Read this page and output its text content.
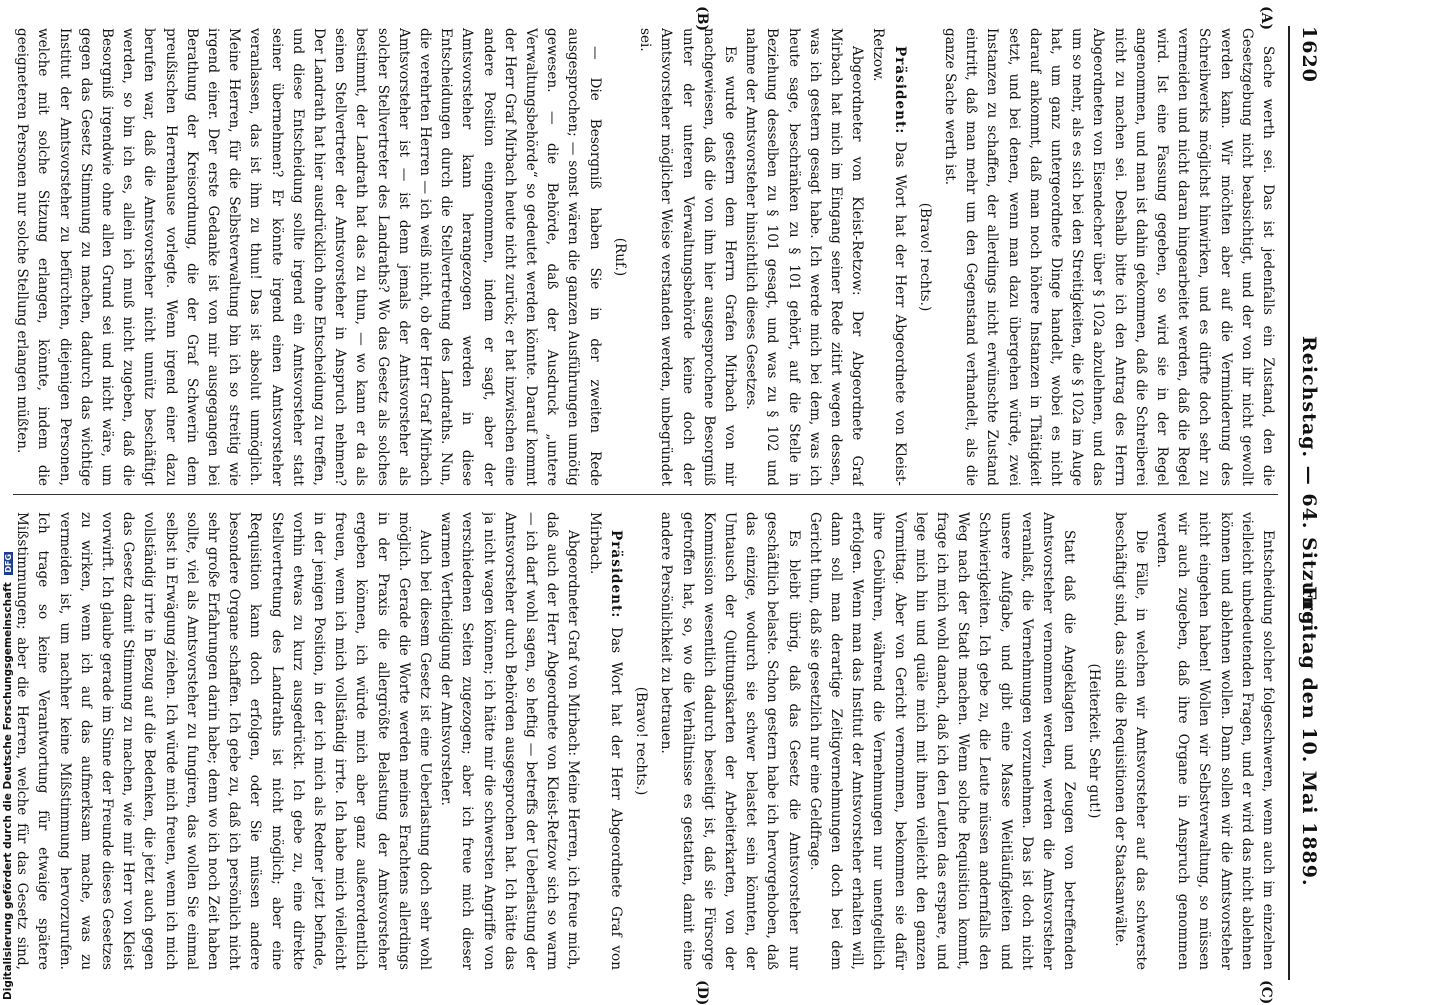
1620
Reichstag. — 64. Sitzung.
Freitag den 10. Mai 1889.
(A)
(B)
(C)
(D)

Sache werth sei. Das ist jedenfalls ein Zustand, den die Gesetzgebung nicht beabsichtigt, und der von ihr nicht gewollt werden kann. Wir möchten aber auf die Verminderung des Schreibwerks möglichst hinwirken, und es dürfte doch sehr zu vermeiden und nicht daran hingearbeitet werden, daß die Regel wird. Ist eine Fassung gegeben, so wird sie in der Regel angenommen, und man ist dahin gekommen, daß die Schreiberei nicht zu machen sei. Deshalb bitte ich den Antrag des Herrn Abgeordneten von Eisendecher über § 102a abzulehnen, und das um so mehr, als es sich bei den Streitigkeiten, die § 102a im Auge hat, um ganz untergeordnete Dinge handelt, wobei es nicht darauf ankommt, daß man noch höhere Instanzen in Thätigkeit setzt, und bei denen, wenn man dazu übergehen würde, zwei Instanzen zu schaffen, der allerdings nicht erwünschte Zustand eintritt, daß man mehr um den Gegenstand verhandelt, als die ganze Sache werth ist.

(Bravo! rechts.)

Präsident: Das Wort hat der Herr Abgeordnete von Kleist-Retzow.

Abgeordneter von Kleist-Retzow: Der Abgeordnete Graf Mirbach hat mich im Eingang seiner Rede zitirt wegen dessen, was ich gestern gesagt habe. Ich werde mich bei dem, was ich heute sage, beschränken zu § 101 gehört, auf die Stelle in Beziehung desselben zu § 101 gesagt, und was zu § 102 und nahme der Amtsvorsteher hinsichtlich dieses Gesetzes.

Es wurde gestern dem Herrn Grafen Mirbach von mir nachgewiesen, daß die von ihm hier ausgesprochene Besorgniß unter der unteren Verwaltungsbehörde keine doch der Amtsvorsteher möglicher Weise verstanden werden, unbegründet sei.

(Ruf.)

— Die Besorgniß haben Sie in der zweiten Rede ausgesprochen; — sonst wären die ganzen Ausführungen unnötig gewesen. — die Behörde, daß der Ausdruck „untere Verwaltungsbehörde“ so gedeutet werden könnte. Darauf kommt der Herr Graf Mirbach heute nicht zurück; er hat inzwischen eine andere Position eingenommen, indem er sagt, aber der Amtsvorsteher kann herangezogen werden in diese Entscheidungen durch die Stellvertretung des Landraths. Nun, die verehrten Herren — ich weiß nicht, ob der Herr Graf Mirbach Amtsvorsteher ist — ist denn jemals der Amtsvorsteher als solcher Stellvertreter des Landraths? Wo das Gesetz als solches bestimmt, der Landrath hat das zu thun, — wo kann er da als seinen Stellvertreter der Amtsvorsteher in Anspruch nehmen? Der Landrath hat hier ausdrücklich ohne Entscheidung zu treffen, und diese Entscheidung sollte irgend ein Amtsvorsteher statt seiner übernehmen? Er könnte irgend einen Amtsvorsteher veranlassen, das ist ihm zu thun! Das ist absolut unmöglich. Meine Herren, für die Selbstverwaltung bin ich so streitig wie irgend einer. Der erste Gedanke ist von mir ausgegangen bei Berathung der Kreisordnung, die der Graf Schwerin dem preußischen Herrenhause vorlegte. Wenn irgend einer dazu berufen war, daß die Amtsvorsteher nicht unnütz beschäftigt werden, so bin ich es, allein ich muß nicht zugeben, daß die Besorgniß irgendwie ohne allen Grund sei und nicht wäre, um gegen das Gesetz Stimmung zu machen, dadurch das wichtige Institut der Amtsvorsteher zu befürchten, diejenigen Personen, welche mit solche Sitzung erlangen, könnte, indem die geeigneteren Personen nur solche Stellung erlangen müßten.

Entscheidung solcher folgeschweren, wenn auch im einzelnen vielleicht unbedeutenden Fragen, und er wird das nicht ablehnen können und ablehnen wollen. Dann sollen wir die Amtsvorsteher nicht eingehen haben! Wollen wir Selbstverwaltung, so müssen wir auch zugeben, daß ihre Organe in Anspruch genommen werden.

Die Fälle, in welchen wir Amtsvorsteher auf das schwerste beschäftigt sind, das sind die Requisitionen der Staatsanwälte.

(Heiterkeit. Sehr gut!)

Statt daß die Angeklagten und Zeugen von betreffenden Amtsvorsteher vernommen werden, werden die Amtsvorsteher veranlaßt, die Vernehmungen vorzunehmen. Das ist doch nicht unsere Aufgabe, und gibt eine Masse Weitläufigkeiten und Schwierigkeiten. Ich gebe zu, die Leute müssen andernfalls den Weg nach der Stadt machen. Wenn solche Requisition kommt, frage ich mich wohl danach, daß ich den Leuten das erspare, und lege mich hin und quäle mich mit ihnen vielleicht den ganzen Vormittag. Aber von Gericht vernommen, bekommen sie dafür ihre Gebühren, während die Vernehmungen nur unentgeltlich erfolgen. Wenn man das Institut der Amtsvorsteher erhalten will, dann soll man derartige Zeitigvernehmungen doch bei dem Gericht thun, daß sie gesetzlich nur eine Geldfrage.

Es bleibt übrig, daß das Gesetz die Amtsvorsteher nur geschäftlich belaste. Schon gestern habe ich hervorgehoben, daß das einzige, wodurch sie schwer belastet sein könnten, der Umtausch der Quittungskarten der Arbeiterkarten, von der Kommission wesentlich dadurch beseitigt ist, daß sie Fürsorge getroffen hat, so, wo die Verhältnisse es gestatten, damit eine andere Persönlichkeit zu betrauen.

(Bravo! rechts.)

Präsident: Das Wort hat der Herr Abgeordnete Graf von Mirbach.

Abgeordneter Graf von Mirbach: Meine Herren, ich freue mich, daß auch der Herr Abgeordnete von Kleist-Retzow sich so warm — ich darf wohl sagen, so heftig — betreffs der Ueberlastung der Amtsvorsteher durch Behörden ausgesprochen hat. Ich hätte das ja nicht wagen können; ich hätte mir die schwersten Angriffe von verschiedenen Seiten zugezogen; aber ich freue mich dieser warmen Vertheidigung der Amtsvorsteher.

Auch bei diesem Gesetz ist eine Ueberlastung doch sehr wohl möglich. Gerade die Worte werden meines Erachtens allerdings in der Praxis die allergrößte Belastung der Amtsvorsteher ergeben können, ich würde mich aber ganz außerordentlich freuen, wenn ich mich vollständig irrte. Ich habe mich vielleicht in der jenigen Position, in der ich mich als Redner jetzt befinde, vorhin etwas zu kurz ausgedrückt. Ich gebe zu, eine direkte Stellvertretung des Landraths ist nicht möglich; aber eine Requisition kann doch erfolgen, oder Sie müssen andere besondere Organe schaffen. Ich gebe zu, daß ich persönlich nicht sehr große Erfahrungen darin habe; denn wo ich noch Zeit haben sollte, viel als Amtsvorsteher zu fungiren, das wollen Sie einmal selbst in Erwägung ziehen. Ich würde mich freuen, wenn ich mich vollständig irrte in Bezug auf die Bedenken, die jetzt auch gegen das Gesetz damit Stimmung zu machen, wie mir Herr von Kleist vorwirft. Ich glaube gerade im Sinne der Freunde dieses Gesetzes zu wirken, wenn ich auf das aufmerksam mache, was zu vermeiden ist, um nachher keine Mißstimmung hervorzurufen. Ich trage so keine Verantwortung für etwaige spätere Mißstimmungen; aber die Herren, welche für das Gesetz sind,

Digitalisierung gefördert durch die Deutsche Forschungsgemeinschaft DFG
